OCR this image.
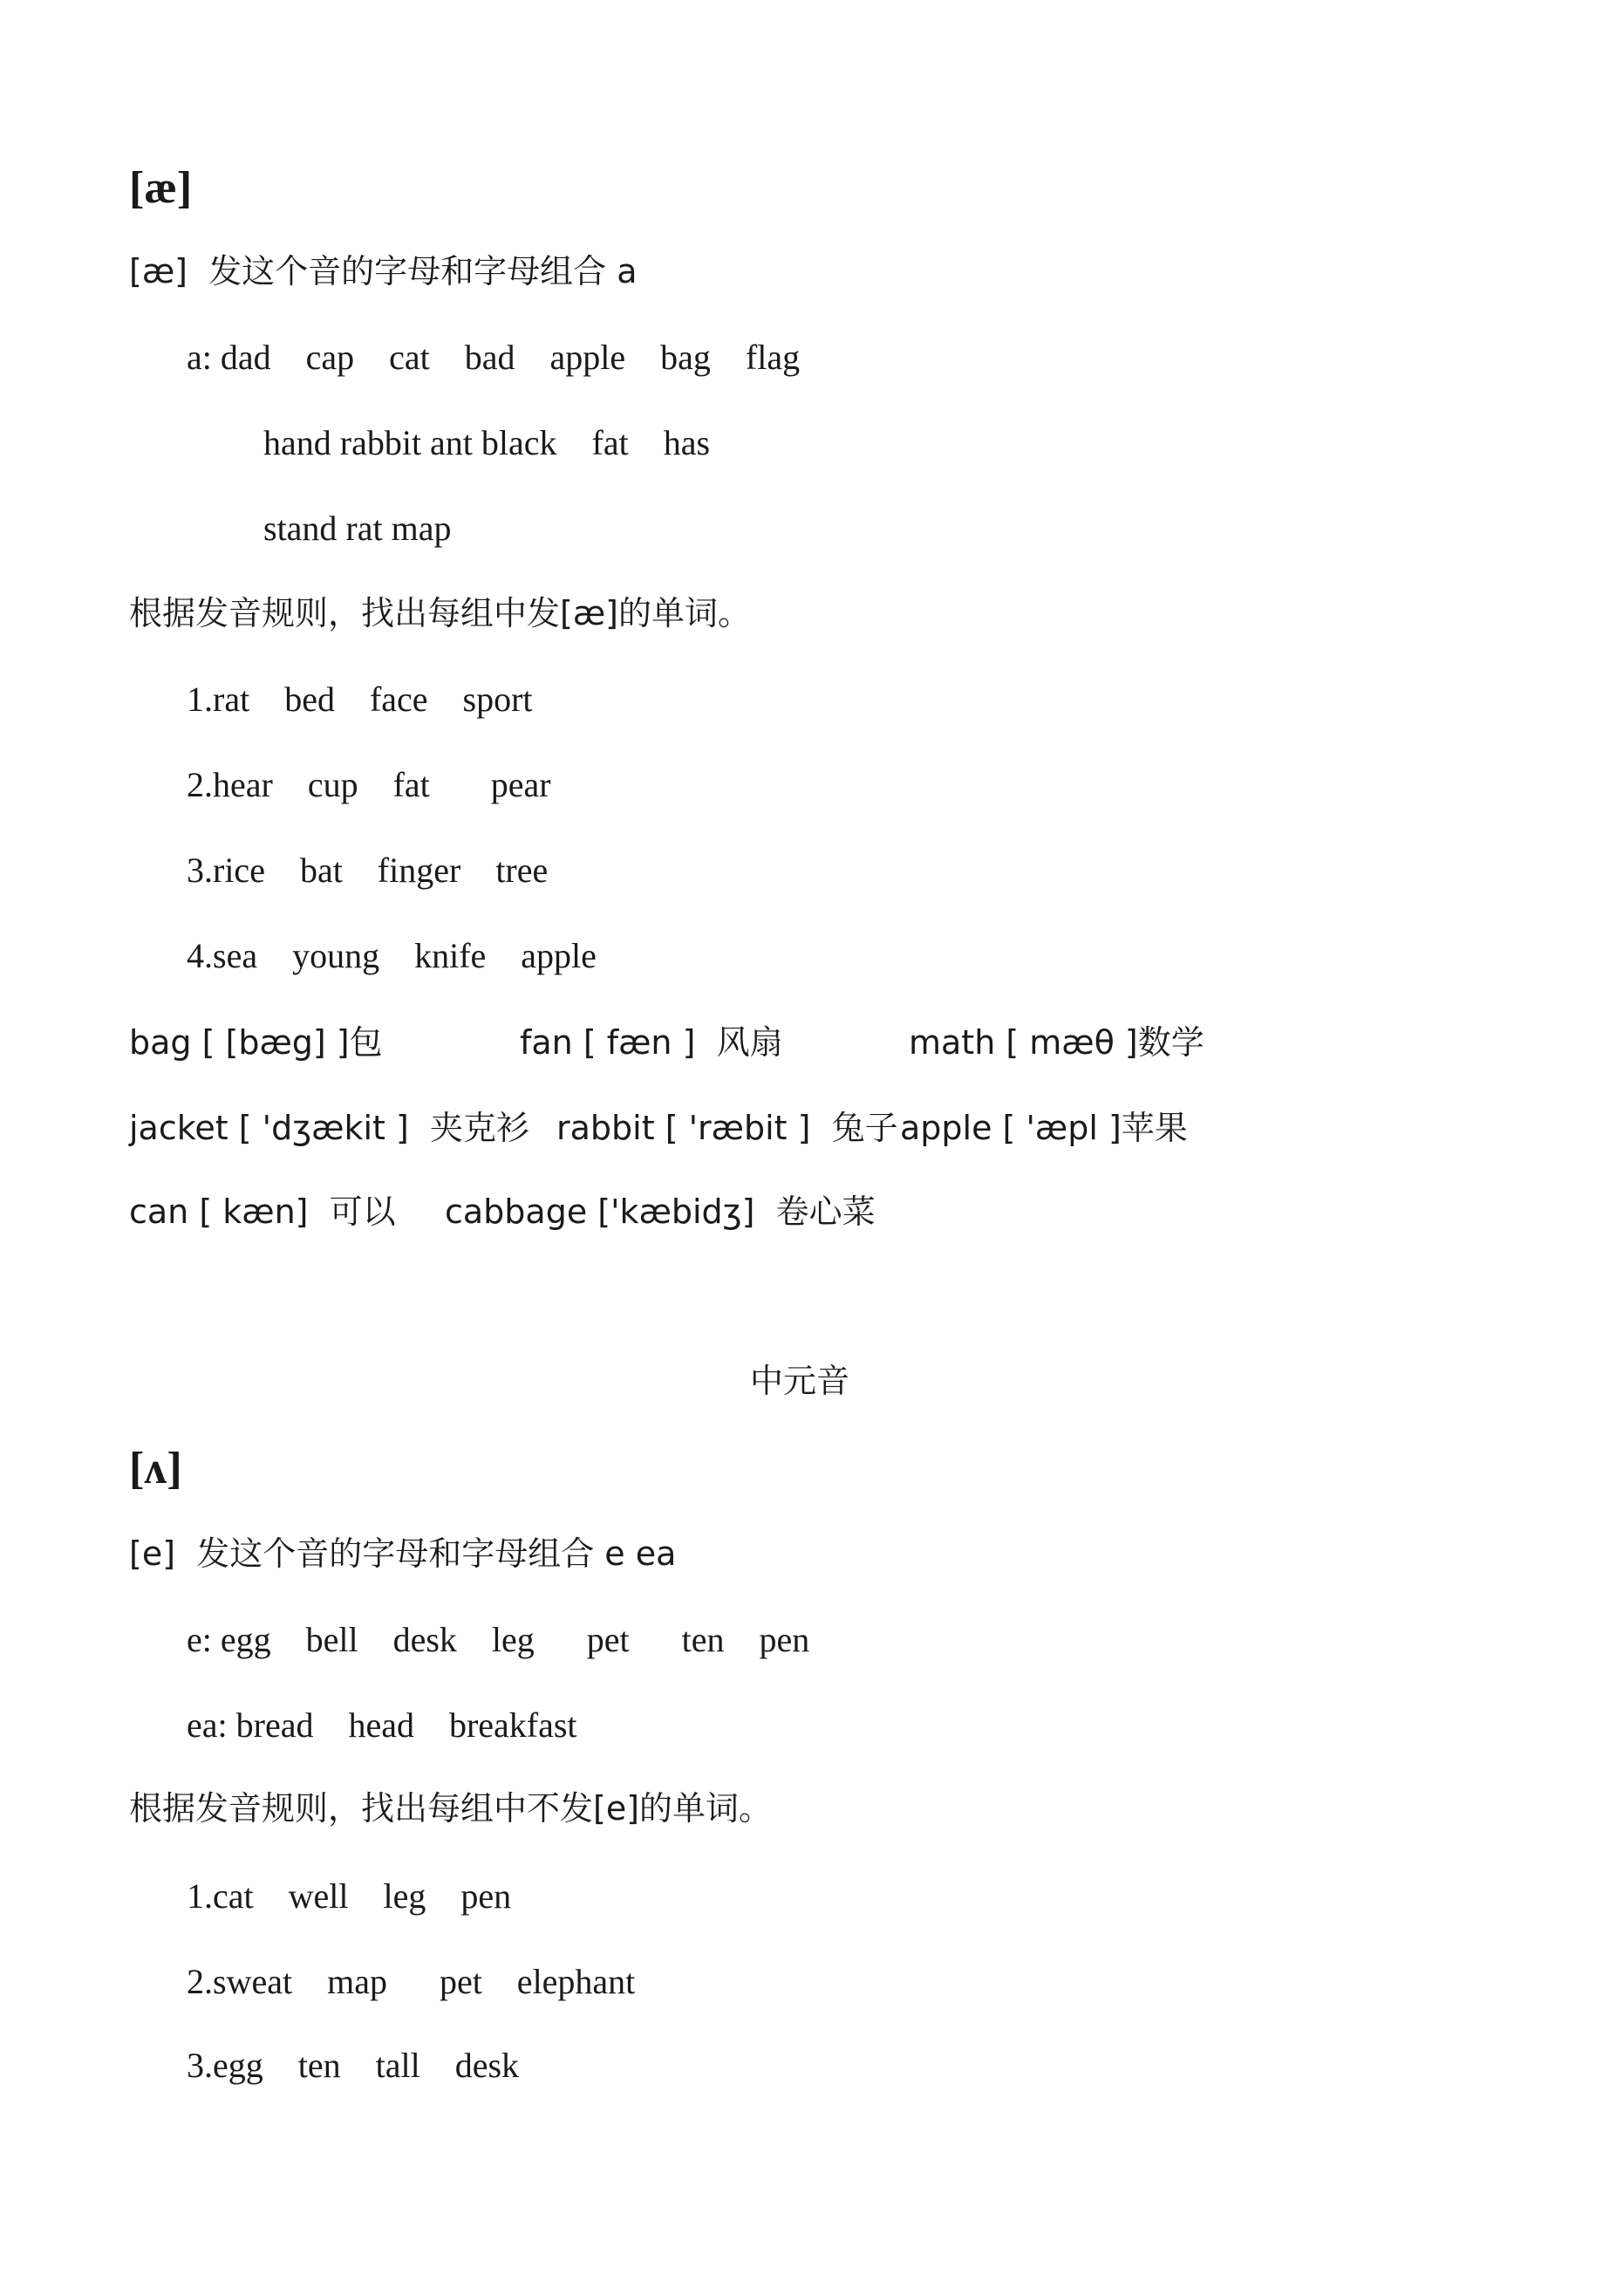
[æ]
[æ]  发这个音的字母和字母组合 a
a: dad    cap    cat    bad    apple    bag    flag
hand rabbit ant black    fat    has
stand rat map
根据发音规则，找出每组中发[æ]的单词。
1.rat    bed    face    sport
2.hear    cup    fat       pear
3.rice    bat    finger    tree
4.sea    young    knife    apple
bag [ [bæg] ]包	fan [ fæn ]  风扇	math [ mæθ ]数学
jacket [ 'dʒækit ]  夹克衫 rabbit [ 'ræbit ]  兔子 apple [ 'æpl ]苹果
can [ kæn]  可以 cabbage ['kæbidʒ]  卷心菜
中元音
[ʌ]
[e]  发这个音的字母和字母组合 e ea
e: egg    bell    desk    leg      pet      ten    pen
ea: bread    head    breakfast
根据发音规则，找出每组中不发[e]的单词。
1.cat    well    leg    pen
2.sweat    map      pet    elephant
3.egg    ten    tall    desk
